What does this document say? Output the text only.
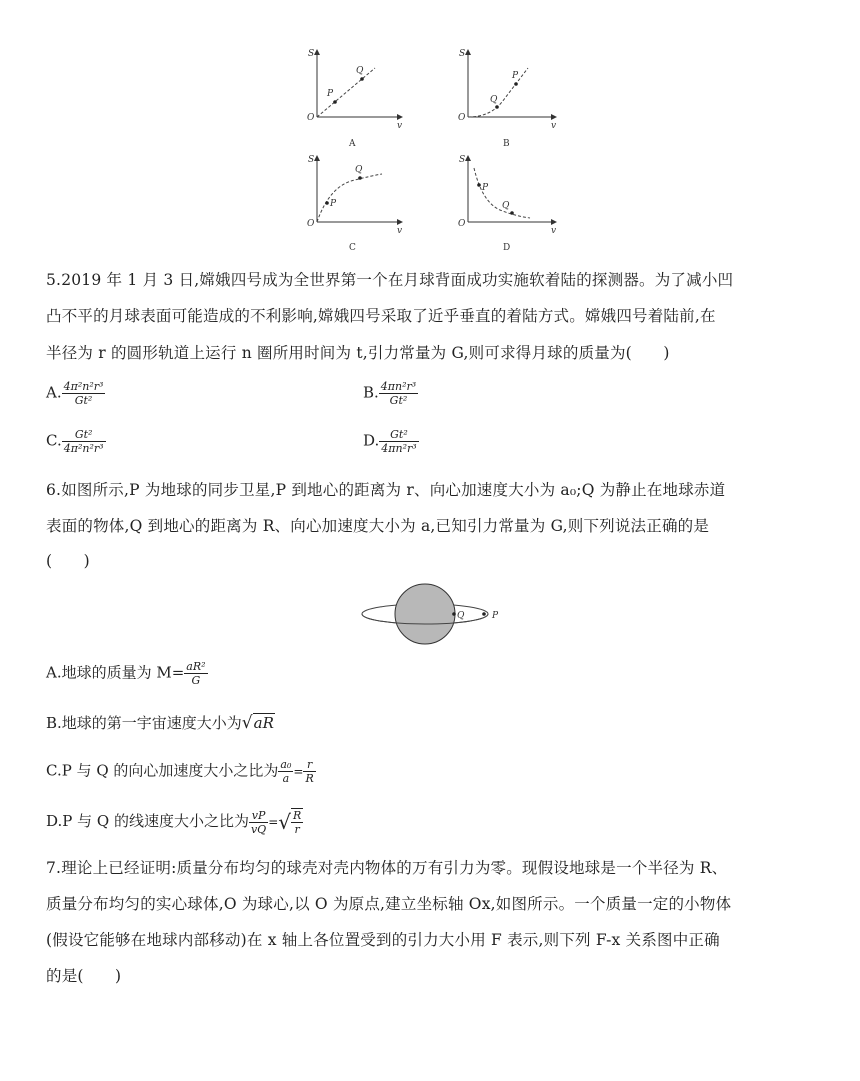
S
O
v
P
Q
A
S
O
v
Q
P
B
S
O
v
P
Q
C
S
O
v
P
Q
D
5.2019 年 1 月 3 日,嫦娥四号成为全世界第一个在月球背面成功实施软着陆的探测器。为了减小凹
凸不平的月球表面可能造成的不利影响,嫦娥四号采取了近乎垂直的着陆方式。嫦娥四号着陆前,在
半径为 r 的圆形轨道上运行 n 圈所用时间为 t,引力常量为 G,则可求得月球的质量为(　　)
A. $\frac{\text{4π²n²r³}}{\text{Gt²}}$	B. $\frac{\text{4πn²r³}}{\text{Gt²}}$
C. $\frac{\text{Gt²}}{\text{4π²n²r³}}$	D. $\frac{\text{Gt²}}{\text{4πn²r³}}$
6.如图所示,P 为地球的同步卫星,P 到地心的距离为 r、向心加速度大小为 a₀;Q 为静止在地球赤道
表面的物体,Q 到地心的距离为 R、向心加速度大小为 a,已知引力常量为 G,则下列说法正确的是
(　　)
Q	P
A.地球的质量为 $M= \frac{\text{aR²}}{G}$
B.地球的第一宇宙速度大小为√aR
C.P 与 Q 的向心加速度大小之比为 $\frac{\text{a₀}}{a} = \frac{r}{R}$
D.P 与 Q 的线速度大小之比为 $\frac{vP}{vQ}$ =√ $\frac{R}{r}$
7.理论上已经证明:质量分布均匀的球壳对壳内物体的万有引力为零。现假设地球是一个半径为 R、
质量分布均匀的实心球体,O 为球心,以 O 为原点,建立坐标轴 Ox,如图所示。一个质量一定的小物体
(假设它能够在地球内部移动)在 x 轴上各位置受到的引力大小用 F 表示,则下列 F-x 关系图中正确
的是(　　)
